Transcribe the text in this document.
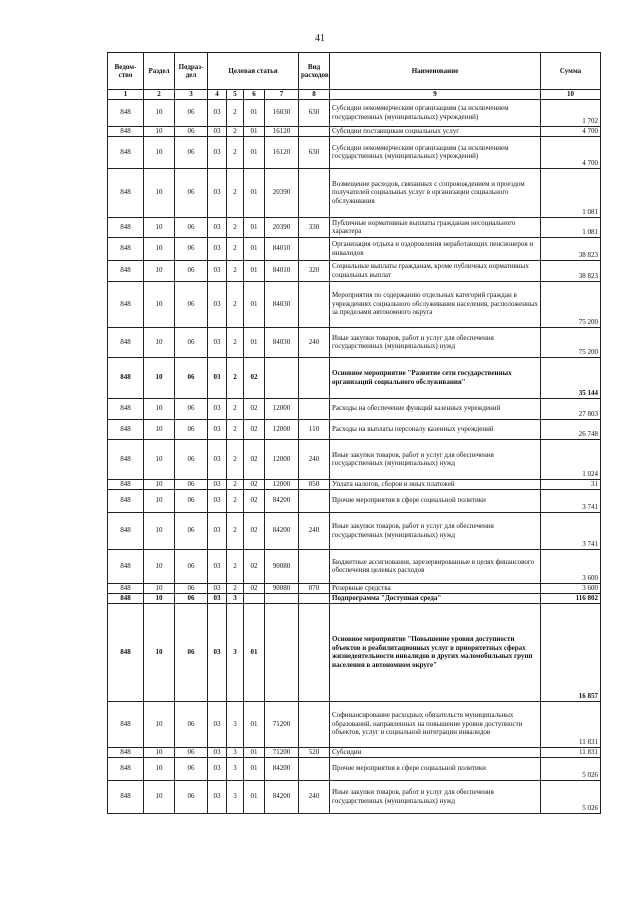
41
Ведом-ство	Раздел	Подраз-дел	Целевая статья				Вид расходов	Наименование	Сумма
1	2	3	4	5	6	7	8	9	10
848	10	06	03	2	01	16030	630	Субсидии некоммерческим организациям (за исключением государственных (муниципальных) учреждений)	1 702
848	10	06	03	2	01	16120		Субсидии поставщикам социальных услуг	4 700
848	10	06	03	2	01	16120	630	Субсидии некоммерческим организациям (за исключением государственных (муниципальных) учреждений)	4 700
848	10	06	03	2	01	20390		Возмещение расходов, связанных с сопровождением и проездом получателей социальных услуг в организации социального обслуживания	1 081
848	10	06	03	2	01	20390	330	Публичные нормативные выплаты гражданам несоциального характера	1 081
848	10	06	03	2	01	84010		Организация отдыха и оздоровления неработающих пенсионеров и инвалидов	38 823
848	10	06	03	2	01	84010	320	Социальные выплаты гражданам, кроме публичных нормативных социальных выплат	38 823
848	10	06	03	2	01	84030		Мероприятия по содержанию отдельных категорий граждан в учреждениях социального обслуживания населения, расположенных за пределами автономного округа	75 200
848	10	06	03	2	01	84030	240	Иные закупки товаров, работ и услуг для обеспечения государственных (муниципальных) нужд	75 200
848	10	06	03	2	02			Основное мероприятие "Развитие сети государственных организаций социального обслуживания"	35 144
848	10	06	03	2	02	12000		Расходы на обеспечение функций казенных учреждений	27 803
848	10	06	03	2	02	12000	110	Расходы на выплаты персоналу казенных учреждений	26 748
848	10	06	03	2	02	12000	240	Иные закупки товаров, работ и услуг для обеспечения государственных (муниципальных) нужд	1 024
848	10	06	03	2	02	12000	850	Уплата налогов, сборов и иных платежей	31
848	10	06	03	2	02	84200		Прочие мероприятия в сфере социальной политики	3 741
848	10	06	03	2	02	84200	240	Иные закупки товаров, работ и услуг для обеспечения государственных (муниципальных) нужд	3 741
848	10	06	03	2	02	90080		Бюджетные ассигнования, зарезервированные в целях финансового обеспечения целевых расходов	3 600
848	10	06	03	2	02	90080	870	Резервные средства	3 600
848	10	06	03	3				Подпрограмма "Доступная среда"	116 802
848	10	06	03	3	01			Основное мероприятие "Повышение уровня доступности объектов и реабилитационных услуг в приоритетных сферах жизнедеятельности инвалидов и других маломобильных групп населения в автономном округе"	16 857
848	10	06	03	3	01	71200		Софинансирование расходных обязательств муниципальных образований, направленных на повышение уровня доступности объектов, услуг и социальной интеграции инвалидов	11 831
848	10	06	03	3	01	71200	520	Субсидии	11 831
848	10	06	03	3	01	84200		Прочие мероприятия в сфере социальной политики	5 026
848	10	06	03	3	01	84200	240	Иные закупки товаров, работ и услуг для обеспечения государственных (муниципальных) нужд	5 026
